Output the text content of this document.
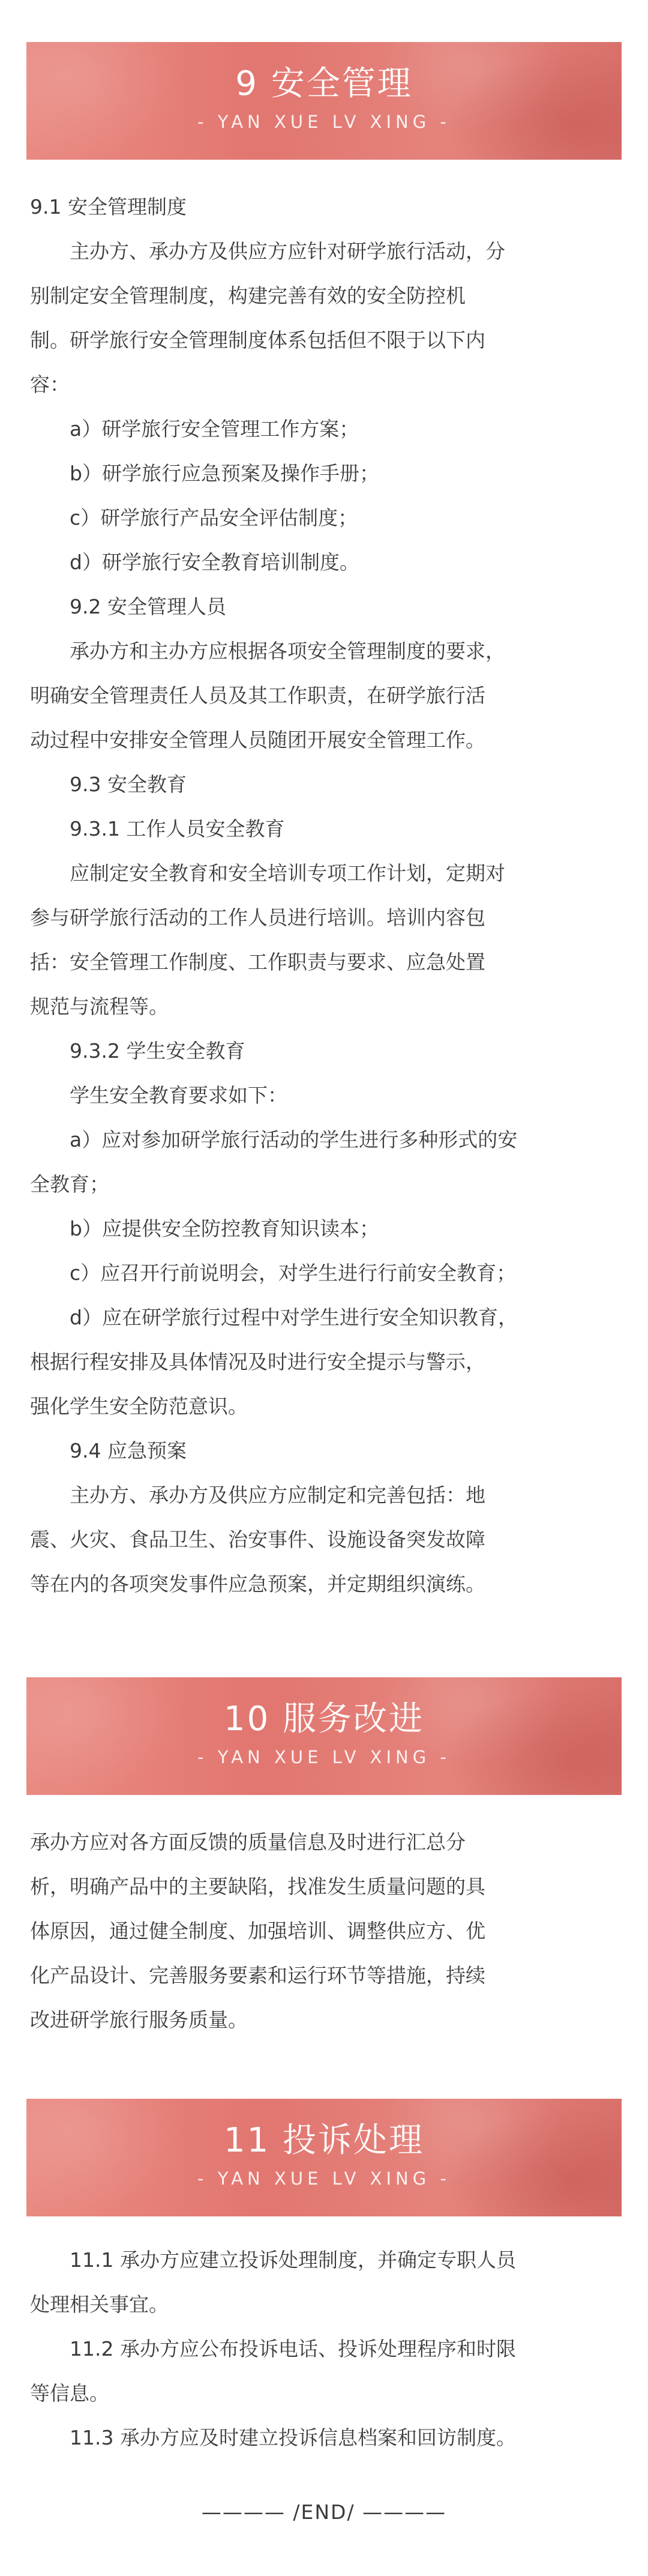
9 安全管理
- YAN XUE LV XING -

9.1 安全管理制度

　　主办方、承办方及供应方应针对研学旅行活动，分

别制定安全管理制度，构建完善有效的安全防控机

制。研学旅行安全管理制度体系包括但不限于以下内

容：

　　a）研学旅行安全管理工作方案；

　　b）研学旅行应急预案及操作手册；

　　c）研学旅行产品安全评估制度；

　　d）研学旅行安全教育培训制度。

　　9.2 安全管理人员

　　承办方和主办方应根据各项安全管理制度的要求，

明确安全管理责任人员及其工作职责，在研学旅行活

动过程中安排安全管理人员随团开展安全管理工作。

　　9.3 安全教育

　　9.3.1 工作人员安全教育

　　应制定安全教育和安全培训专项工作计划，定期对

参与研学旅行活动的工作人员进行培训。培训内容包

括：安全管理工作制度、工作职责与要求、应急处置

规范与流程等。

　　9.3.2 学生安全教育

　　学生安全教育要求如下：

　　a）应对参加研学旅行活动的学生进行多种形式的安

全教育；

　　b）应提供安全防控教育知识读本；

　　c）应召开行前说明会，对学生进行行前安全教育；

　　d）应在研学旅行过程中对学生进行安全知识教育，

根据行程安排及具体情况及时进行安全提示与警示，

强化学生安全防范意识。

　　9.4 应急预案

　　主办方、承办方及供应方应制定和完善包括：地

震、火灾、食品卫生、治安事件、设施设备突发故障

等在内的各项突发事件应急预案，并定期组织演练。

10 服务改进
- YAN XUE LV XING -

承办方应对各方面反馈的质量信息及时进行汇总分

析，明确产品中的主要缺陷，找准发生质量问题的具

体原因，通过健全制度、加强培训、调整供应方、优

化产品设计、完善服务要素和运行环节等措施，持续

改进研学旅行服务质量。

11 投诉处理
- YAN XUE LV XING -

　　11.1 承办方应建立投诉处理制度，并确定专职人员

处理相关事宜。

　　11.2 承办方应公布投诉电话、投诉处理程序和时限

等信息。

　　11.3 承办方应及时建立投诉信息档案和回访制度。

———— /END/ ————
